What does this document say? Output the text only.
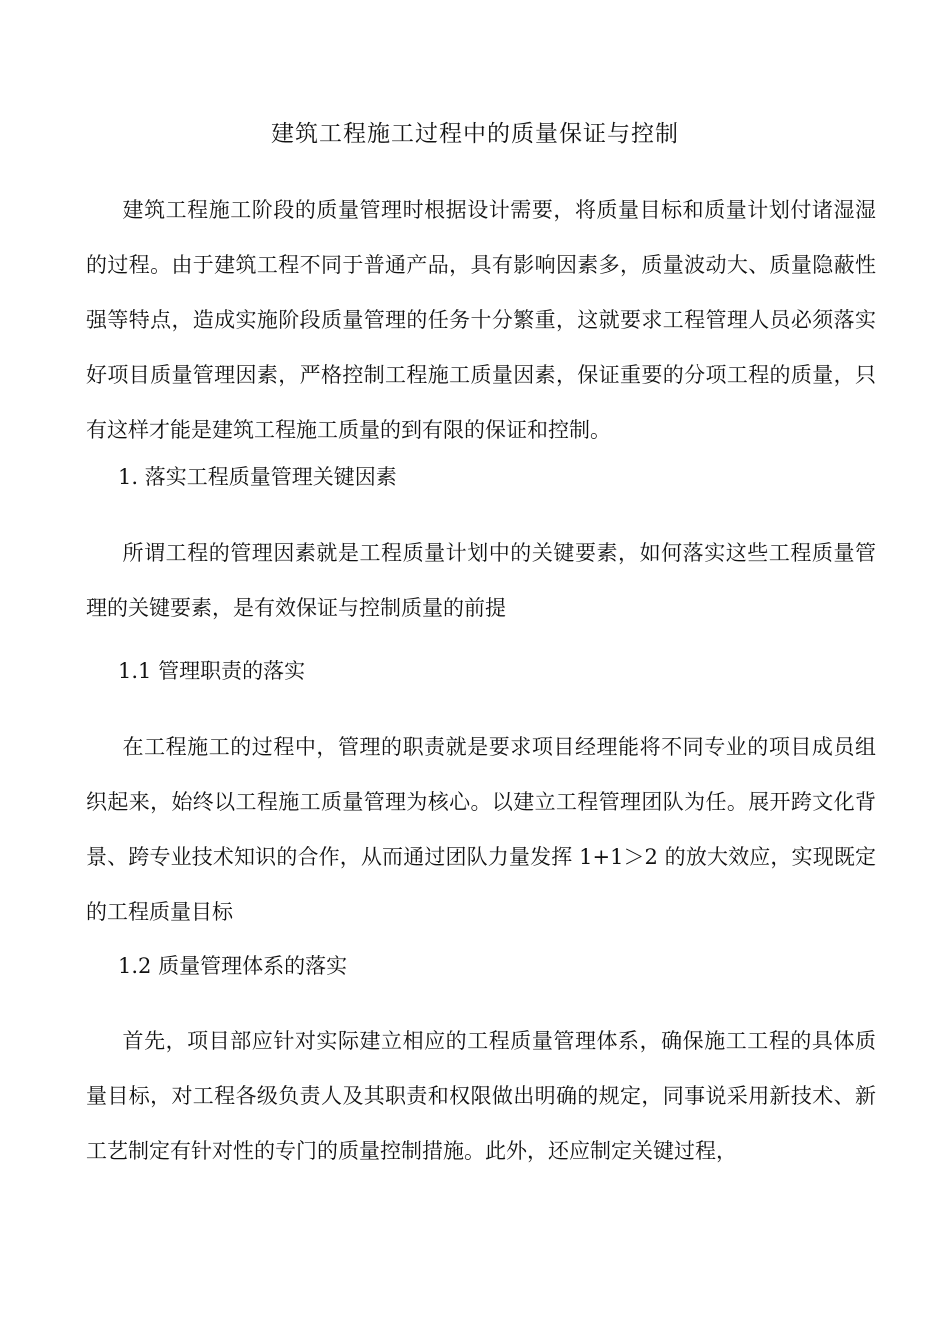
建筑工程施工过程中的质量保证与控制
建筑工程施工阶段的质量管理时根据设计需要，将质量目标和质量计划付诸湿湿的过程。由于建筑工程不同于普通产品，具有影响因素多，质量波动大、质量隐蔽性强等特点，造成实施阶段质量管理的任务十分繁重，这就要求工程管理人员必须落实好项目质量管理因素，严格控制工程施工质量因素，保证重要的分项工程的质量，只有这样才能是建筑工程施工质量的到有限的保证和控制。
1. 落实工程质量管理关键因素
所谓工程的管理因素就是工程质量计划中的关键要素，如何落实这些工程质量管理的关键要素，是有效保证与控制质量的前提
1.1 管理职责的落实
在工程施工的过程中，管理的职责就是要求项目经理能将不同专业的项目成员组织起来，始终以工程施工质量管理为核心。以建立工程管理团队为任。展开跨文化背景、跨专业技术知识的合作，从而通过团队力量发挥 1+1＞2 的放大效应，实现既定的工程质量目标
1.2 质量管理体系的落实
首先，项目部应针对实际建立相应的工程质量管理体系，确保施工工程的具体质量目标，对工程各级负责人及其职责和权限做出明确的规定，同事说采用新技术、新工艺制定有针对性的专门的质量控制措施。此外，还应制定关键过程，
